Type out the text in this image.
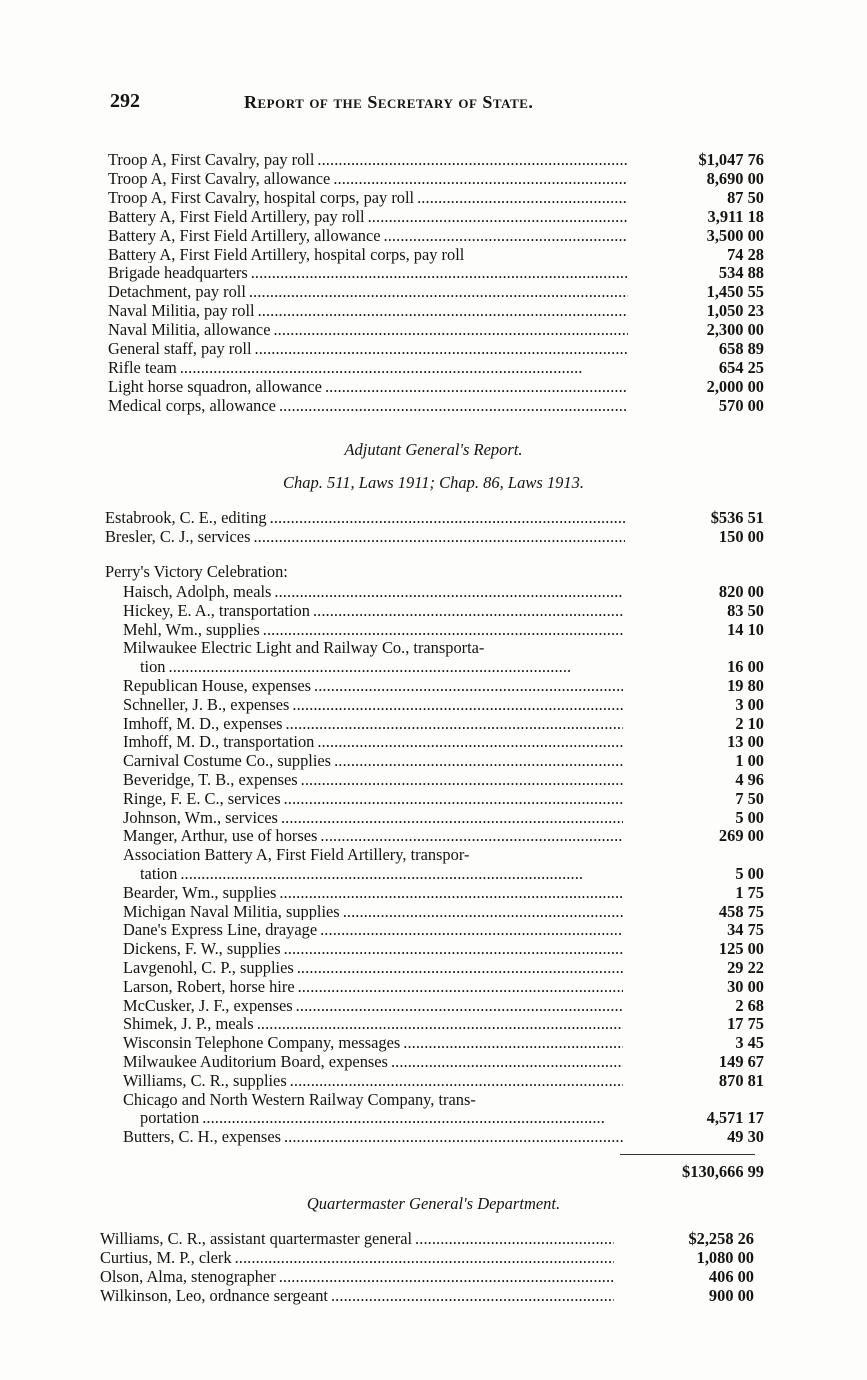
292	Report of the Secretary of State.
Troop A, First Cavalry, pay roll . . .	$1,047 76
Troop A, First Cavalry, allowance . . .	8,690 00
Troop A, First Cavalry, hospital corps, pay roll . . .	87 50
Battery A, First Field Artillery, pay roll . . .	3,911 18
Battery A, First Field Artillery, allowance . . .	3,500 00
Battery A, First Field Artillery, hospital corps, pay roll	74 28
Brigade headquarters . . .	534 88
Detachment, pay roll . . .	1,450 55
Naval Militia, pay roll . . .	1,050 23
Naval Militia, allowance . . .	2,300 00
General staff, pay roll . . .	658 89
Rifle team . . .	654 25
Light horse squadron, allowance . . .	2,000 00
Medical corps, allowance . . .	570 00
Estabrook, C. E., editing . . .	$536 51
Bresler, C. J., services . . .	150 00
Perry's Victory Celebration:
Haisch, Adolph, meals . . .	820 00
Hickey, E. A., transportation . . .	83 50
Mehl, Wm., supplies . . .	14 10
Milwaukee Electric Light and Railway Co., transporta-
tion . . .	16 00
Republican House, expenses . . .	19 80
Schneller, J. B., expenses . . .	3 00
Imhoff, M. D., expenses . . .	2 10
Imhoff, M. D., transportation . . .	13 00
Carnival Costume Co., supplies . . .	1 00
Beveridge, T. B., expenses . . .	4 96
Ringe, F. E. C., services . . .	7 50
Johnson, Wm., services . . .	5 00
Manger, Arthur, use of horses . . .	269 00
Association Battery A, First Field Artillery, transpor-
tation . . .	5 00
Bearder, Wm., supplies . . .	1 75
Michigan Naval Militia, supplies . . .	458 75
Dane's Express Line, drayage . . .	34 75
Dickens, F. W., supplies . . .	125 00
Lavgenohl, C. P., supplies . . .	29 22
Larson, Robert, horse hire . . .	30 00
McCusker, J. F., expenses . . .	2 68
Shimek, J. P., meals . . .	17 75
Wisconsin Telephone Company, messages . . .	3 45
Milwaukee Auditorium Board, expenses . . .	149 67
Williams, C. R., supplies . . .	870 81
Chicago and North Western Railway Company, trans-
portation . . .	4,571 17
Butters, C. H., expenses . . .	49 30
$130,666 99
Williams, C. R., assistant quartermaster general . . .	$2,258 26
Curtius, M. P., clerk . . .	1,080 00
Olson, Alma, stenographer . . .	406 00
Wilkinson, Leo, ordnance sergeant . . .	900 00
Adjutant General's Report.
Chap. 511, Laws 1911; Chap. 86, Laws 1913.
Quartermaster General's Department.
